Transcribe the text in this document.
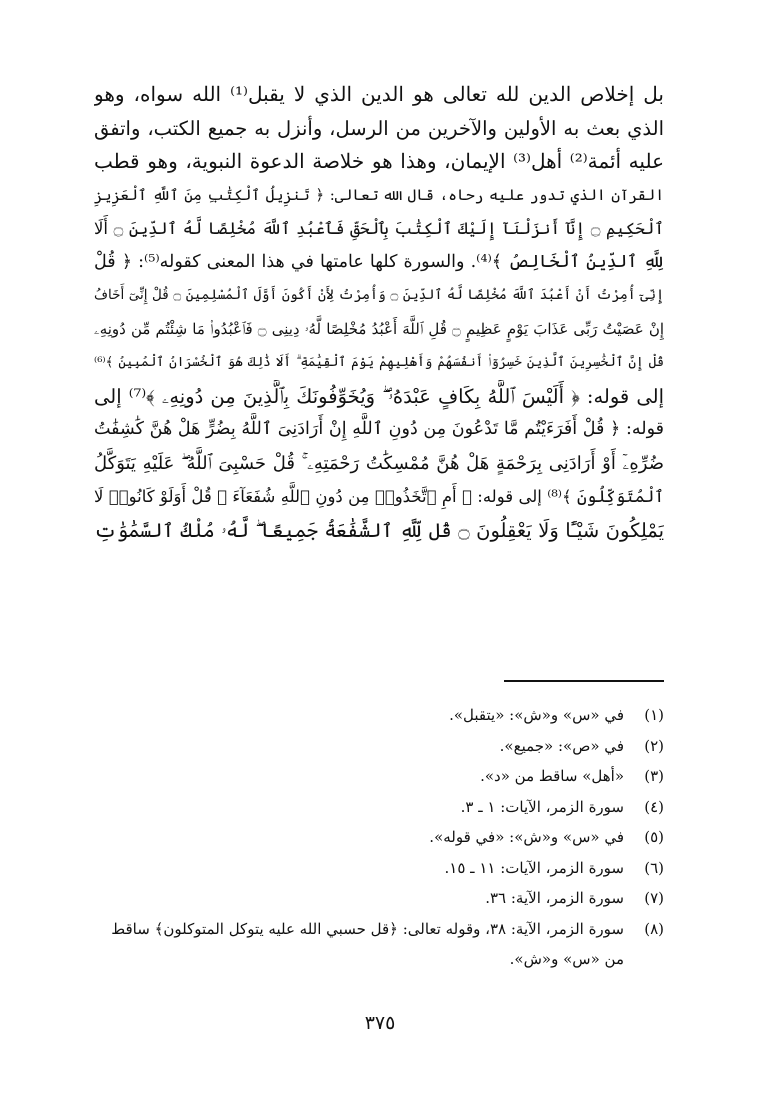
بل إخلاص الدين لله تعالى هو الدين الذي لا يقبل⁽¹⁾ الله سواه، وهو
الذي بعث به الأولين والآخرين من الرسل، وأنزل به جميع الكتب، واتفق
عليه أئمة⁽²⁾ أهل⁽³⁾ الإيمان، وهذا هو خلاصة الدعوة النبوية، وهو قطب
القرآن الذي تدور عليه رحاه، قال الله تعالى: ﴿ تَنزِيلُ ٱلْكِتَٰبِ مِنَ ٱللَّهِ ٱلْعَزِيزِ
ٱلْحَكِيمِ ۝ إِنَّآ أَنزَلْنَآ إِلَيْكَ ٱلْكِتَٰبَ بِٱلْحَقِّ فَٱعْبُدِ ٱللَّهَ مُخْلِصًا لَّهُ ٱلدِّينَ ۝ أَلَا
لِلَّهِ ٱلدِّينُ ٱلْخَالِصُ ﴾⁽⁴⁾. والسورة كلها عامتها في هذا المعنى كقوله⁽⁵⁾: ﴿ قُلْ
إِنِّىٓ أُمِرْتُ أَنْ أَعْبُدَ ٱللَّهَ مُخْلِصًا لَّهُ ٱلدِّينَ ۝ وَأُمِرْتُ لِأَنْ أَكُونَ أَوَّلَ ٱلْمُسْلِمِينَ ۝ قُلْ إِنِّىٓ أَخَافُ
إِنْ عَصَيْتُ رَبِّى عَذَابَ يَوْمٍ عَظِيمٍ ۝ قُلِ ٱللَّهَ أَعْبُدُ مُخْلِصًا لَّهُۥ دِينِى ۝ فَٱعْبُدُوا۟ مَا شِئْتُم مِّن دُونِهِۦ
قُلْ إِنَّ ٱلْخَٰسِرِينَ ٱلَّذِينَ خَسِرُوٓا۟ أَنفُسَهُمْ وَأَهْلِيهِمْ يَوْمَ ٱلْقِيَٰمَةِ ۗ أَلَا ذَٰلِكَ هُوَ ٱلْخُسْرَانُ ٱلْمُبِينُ ﴾⁽⁶⁾
إلى قوله: ﴿ أَلَيْسَ ٱللَّهُ بِكَافٍ عَبْدَهُۥ ۖ وَيُخَوِّفُونَكَ بِٱلَّذِينَ مِن دُونِهِۦ ﴾⁽⁷⁾ إلى
قوله: ﴿ قُلْ أَفَرَءَيْتُم مَّا تَدْعُونَ مِن دُونِ ٱللَّهِ إِنْ أَرَادَنِىَ ٱللَّهُ بِضُرٍّ هَلْ هُنَّ كَٰشِفَٰتُ
ضُرِّهِۦٓ أَوْ أَرَادَنِى بِرَحْمَةٍ هَلْ هُنَّ مُمْسِكَٰتُ رَحْمَتِهِۦ ۚ قُلْ حَسْبِىَ ٱللَّهُ ۖ عَلَيْهِ يَتَوَكَّلُ
ٱلْمُتَوَكِّلُونَ ﴾⁽⁸⁾ إلى قوله: ﴿ أَمِ ٱتَّخَذُوا۟ مِن دُونِ ٱللَّهِ شُفَعَآءَ ۚ قُلْ أَوَلَوْ كَانُوا۟ لَا
يَمْلِكُونَ شَيْـًٔا وَلَا يَعْقِلُونَ ۝ قُل لِّلَّهِ ٱلشَّفَٰعَةُ جَمِيعًا ۖ لَّهُۥ مُلْكُ ٱلسَّمَٰوَٰتِ
(١)
في «س» و«ش»: «يتقبل».
(٢)
في «ص»: «جميع».
(٣)
«أهل» ساقط من «د».
(٤)
سورة الزمر، الآيات: ١ ـ ٣.
(٥)
في «س» و«ش»: «في قوله».
(٦)
سورة الزمر، الآيات: ١١ ـ ١٥.
(٧)
سورة الزمر، الآية: ٣٦.
(٨)
سورة الزمر، الآية: ٣٨، وقوله تعالى: ﴿قل حسبي الله عليه يتوكل المتوكلون﴾ ساقط من «س» و«ش».
٣٧٥
